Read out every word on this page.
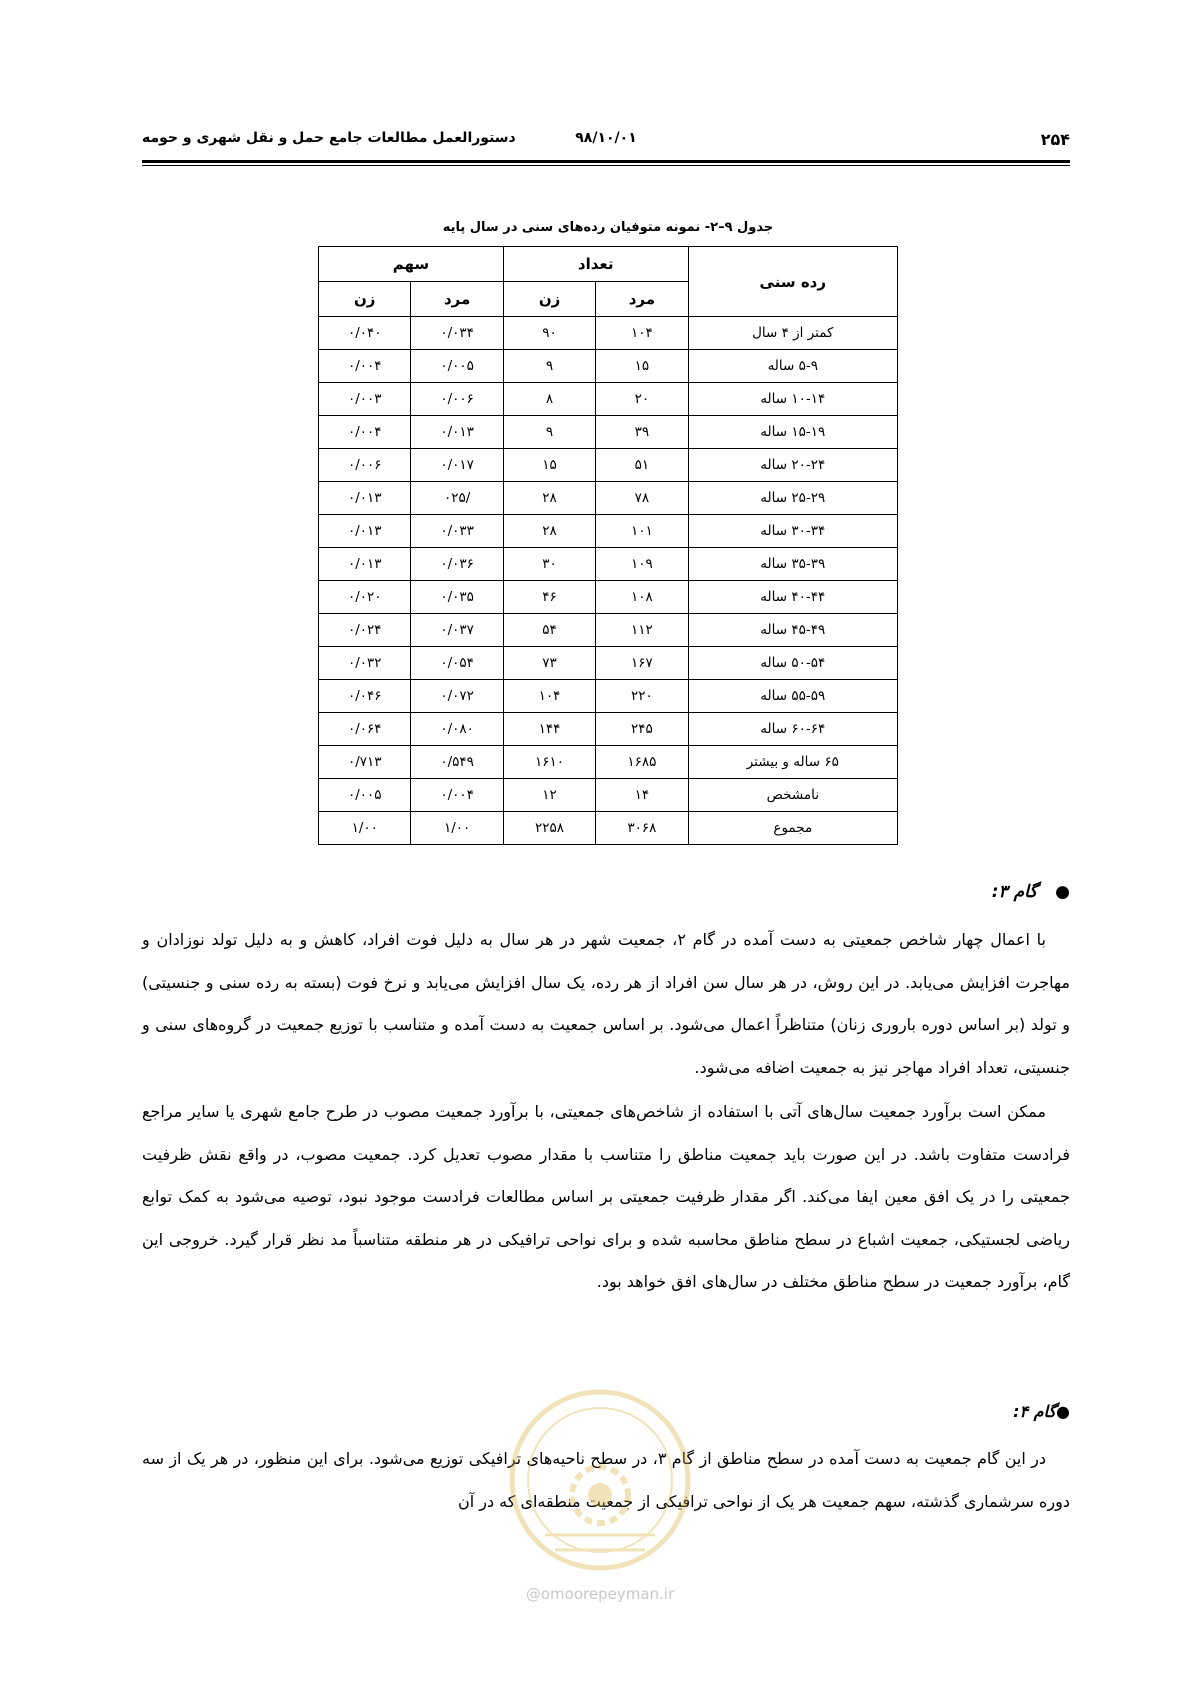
۲۵۴
۹۸/۱۰/۰۱
دستورالعمل مطالعات جامع حمل و نقل شهری و حومه
جدول ۹–۲- نمونه متوفیان رده‌های سنی در سال پایه
رده سنی	تعداد		سهم	
	مرد	زن	مرد	زن
کمتر از ۴ سال	۱۰۴	۹۰	۰/۰۳۴	۰/۰۴۰
۵-۹ ساله	۱۵	۹	۰/۰۰۵	۰/۰۰۴
۱۰-۱۴ ساله	۲۰	۸	۰/۰۰۶	۰/۰۰۳
۱۵-۱۹ ساله	۳۹	۹	۰/۰۱۳	۰/۰۰۴
۲۰-۲۴ ساله	۵۱	۱۵	۰/۰۱۷	۰/۰۰۶
۲۵-۲۹ ساله	۷۸	۲۸	/۰۲۵	۰/۰۱۳
۳۰-۳۴ ساله	۱۰۱	۲۸	۰/۰۳۳	۰/۰۱۳
۳۵-۳۹ ساله	۱۰۹	۳۰	۰/۰۳۶	۰/۰۱۳
۴۰-۴۴ ساله	۱۰۸	۴۶	۰/۰۳۵	۰/۰۲۰
۴۵-۴۹ ساله	۱۱۲	۵۴	۰/۰۳۷	۰/۰۲۴
۵۰-۵۴ ساله	۱۶۷	۷۳	۰/۰۵۴	۰/۰۳۲
۵۵-۵۹ ساله	۲۲۰	۱۰۴	۰/۰۷۲	۰/۰۴۶
۶۰-۶۴ ساله	۲۴۵	۱۴۴	۰/۰۸۰	۰/۰۶۴
۶۵ ساله و بیشتر	۱۶۸۵	۱۶۱۰	۰/۵۴۹	۰/۷۱۳
نامشخص	۱۴	۱۲	۰/۰۰۴	۰/۰۰۵
مجموع	۳۰۶۸	۲۲۵۸	۱/۰۰	۱/۰۰
●   گام ۳:
با اعمال چهار شاخص جمعیتی به دست آمده در گام ۲، جمعیت شهر در هر سال به دلیل فوت افراد، کاهش و به دلیل تولد نوزادان و مهاجرت افزایش می‌یابد. در این روش، در هر سال سن افراد از هر رده، یک سال افزایش می‌یابد و نرخ فوت (بسته به رده سنی و جنسیتی) و تولد (بر اساس دوره باروری زنان) متناظراً اعمال می‌شود. بر اساس جمعیت به دست آمده و متناسب با توزیع جمعیت در گروه‌های سنی و جنسیتی، تعداد افراد مهاجر نیز به جمعیت اضافه می‌شود.
ممکن است برآورد جمعیت سال‌های آتی با استفاده از شاخص‌های جمعیتی، با برآورد جمعیت مصوب در طرح جامع شهری یا سایر مراجع فرادست متفاوت باشد. در این صورت باید جمعیت مناطق را متناسب با مقدار مصوب تعدیل کرد. جمعیت مصوب، در واقع نقش ظرفیت جمعیتی را در یک افق معین ایفا می‌کند. اگر مقدار ظرفیت جمعیتی بر اساس مطالعات فرادست موجود نبود، توصیه می‌شود به کمک توابع ریاضی لجستیکی، جمعیت اشباع در سطح مناطق محاسبه شده و برای نواحی ترافیکی در هر منطقه متناسباً مد نظر قرار گیرد. خروجی این گام، برآورد جمعیت در سطح مناطق مختلف در سال‌های افق خواهد بود.
●گام ۴:
در این گام جمعیت به دست آمده در سطح مناطق از گام ۳، در سطح ناحیه‌های ترافیکی توزیع می‌شود. برای این منظور، در هر یک از سه دوره سرشماری گذشته، سهم جمعیت هر یک از نواحی ترافیکی از جمعیت منطقه‌ای که در آن
@omoorepeyman.ir
